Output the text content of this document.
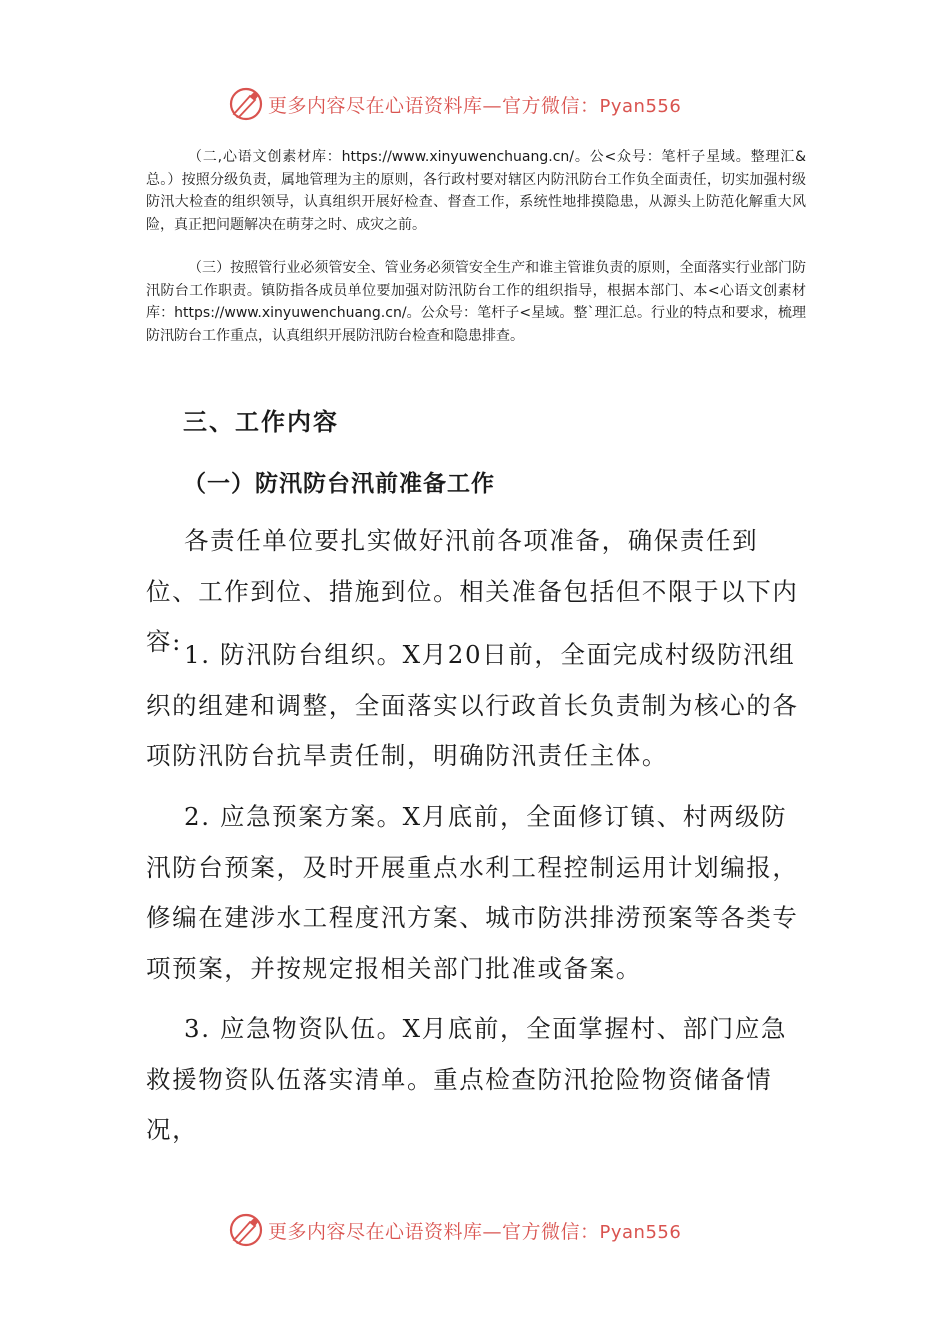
更多内容尽在心语资料库—官方微信：Pyan556

（二,心语文创素材库：https://www.xinyuwenchuang.cn/。公<众号：笔杆子星域。整理汇&总。）按照分级负责，属地管理为主的原则，各行政村要对辖区内防汛防台工作负全面责任，切实加强村级防汛大检查的组织领导，认真组织开展好检查、督查工作，系统性地排摸隐患，从源头上防范化解重大风险，真正把问题解决在萌芽之时、成灾之前。

（三）按照管行业必须管安全、管业务必须管安全生产和谁主管谁负责的原则，全面落实行业部门防汛防台工作职责。镇防指各成员单位要加强对防汛防台工作的组织指导，根据本部门、本<心语文创素材库：https://www.xinyuwenchuang.cn/。公众号：笔杆子<星域。整`理汇总。行业的特点和要求，梳理防汛防台工作重点，认真组织开展防汛防台检查和隐患排查。

三、工作内容
（一）防汛防台汛前准备工作

各责任单位要扎实做好汛前各项准备，确保责任到位、工作到位、措施到位。相关准备包括但不限于以下内容: 1. 防汛防台组织。X月20日前，全面完成村级防汛组织的组建和调整，全面落实以行政首长负责制为核心的各项防汛防台抗旱责任制，明确防汛责任主体。

2. 应急预案方案。X月底前，全面修订镇、村两级防汛防台预案，及时开展重点水利工程控制运用计划编报，修编在建涉水工程度汛方案、城市防洪排涝预案等各类专项预案，并按规定报相关部门批准或备案。

3. 应急物资队伍。X月底前，全面掌握村、部门应急救援物资队伍落实清单。重点检查防汛抢险物资储备情况，

更多内容尽在心语资料库—官方微信：Pyan556
